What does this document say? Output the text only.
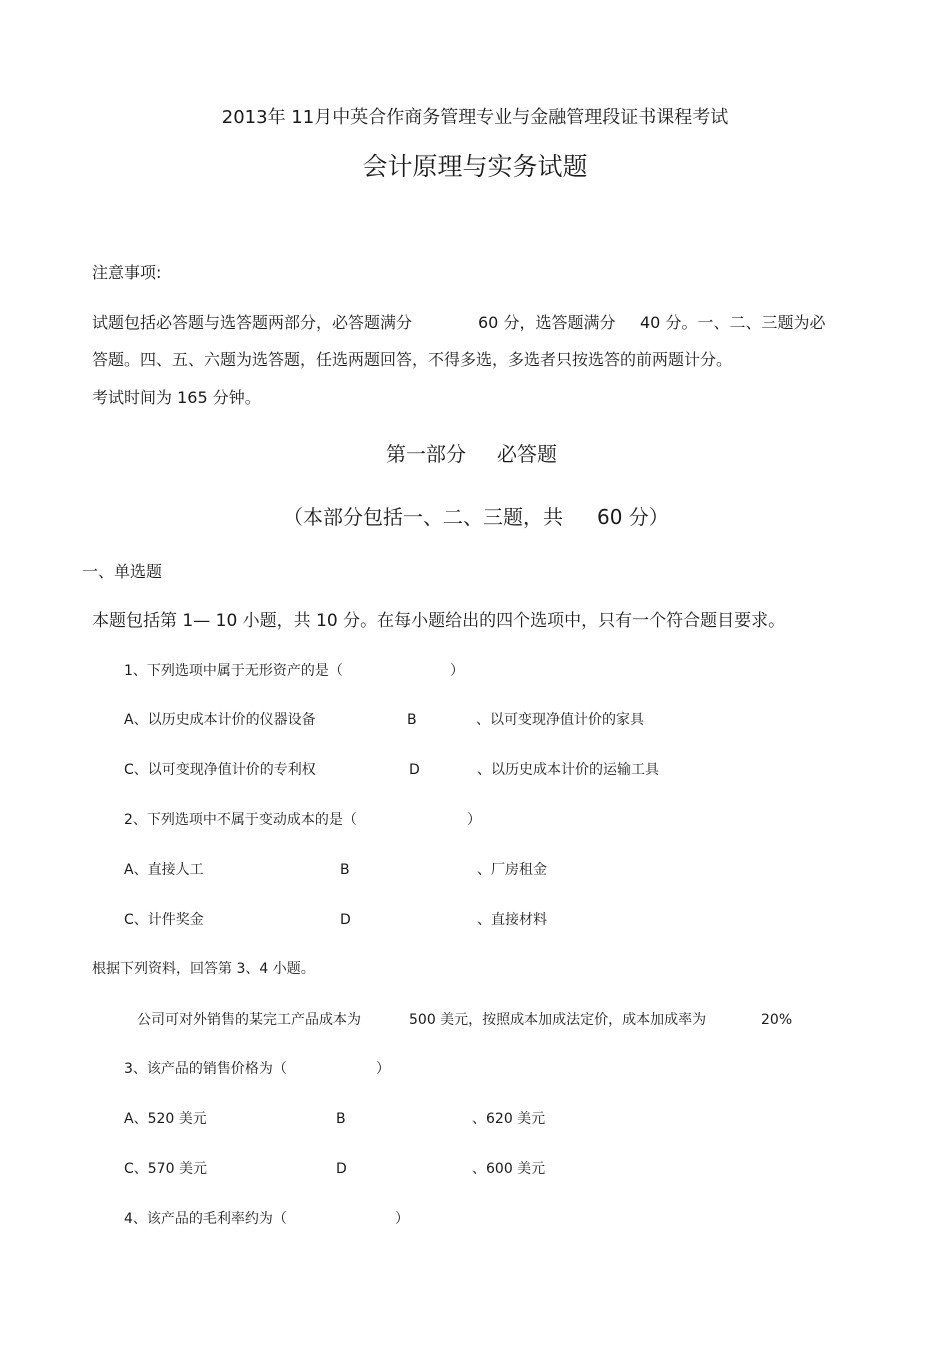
2013年 11月中英合作商务管理专业与金融管理段证书课程考试
会计原理与实务试题
注意事项:
试题包括必答题与选答题两部分，必答题满分	60 分，选答题满分 40 分。一、二、三题为必
答题。四、五、六题为选答题，任选两题回答，不得多选，多选者只按选答的前两题计分。
考试时间为 165 分钟。
第一部分 必答题
（本部分包括一、二、三题，共 60 分）
一、单选题
本题包括第 1— 10 小题，共 10 分。在每小题给出的四个选项中，只有一个符合题目要求。
1、下列选项中属于无形资产的是（	）
A、以历史成本计价的仪器设备	B	、以可变现净值计价的家具
C、以可变现净值计价的专利权	D	、以历史成本计价的运输工具
2、下列选项中不属于变动成本的是（	）
A、直接人工	B	、厂房租金
C、计件奖金	D	、直接材料
根据下列资料，回答第 3、4 小题。
公司可对外销售的某完工产品成本为	500 美元，按照成本加成法定价，成本加成率为	20%
3、该产品的销售价格为（	）
A、520 美元	B	、620 美元
C、570 美元	D	、600 美元
4、该产品的毛利率约为（	）
